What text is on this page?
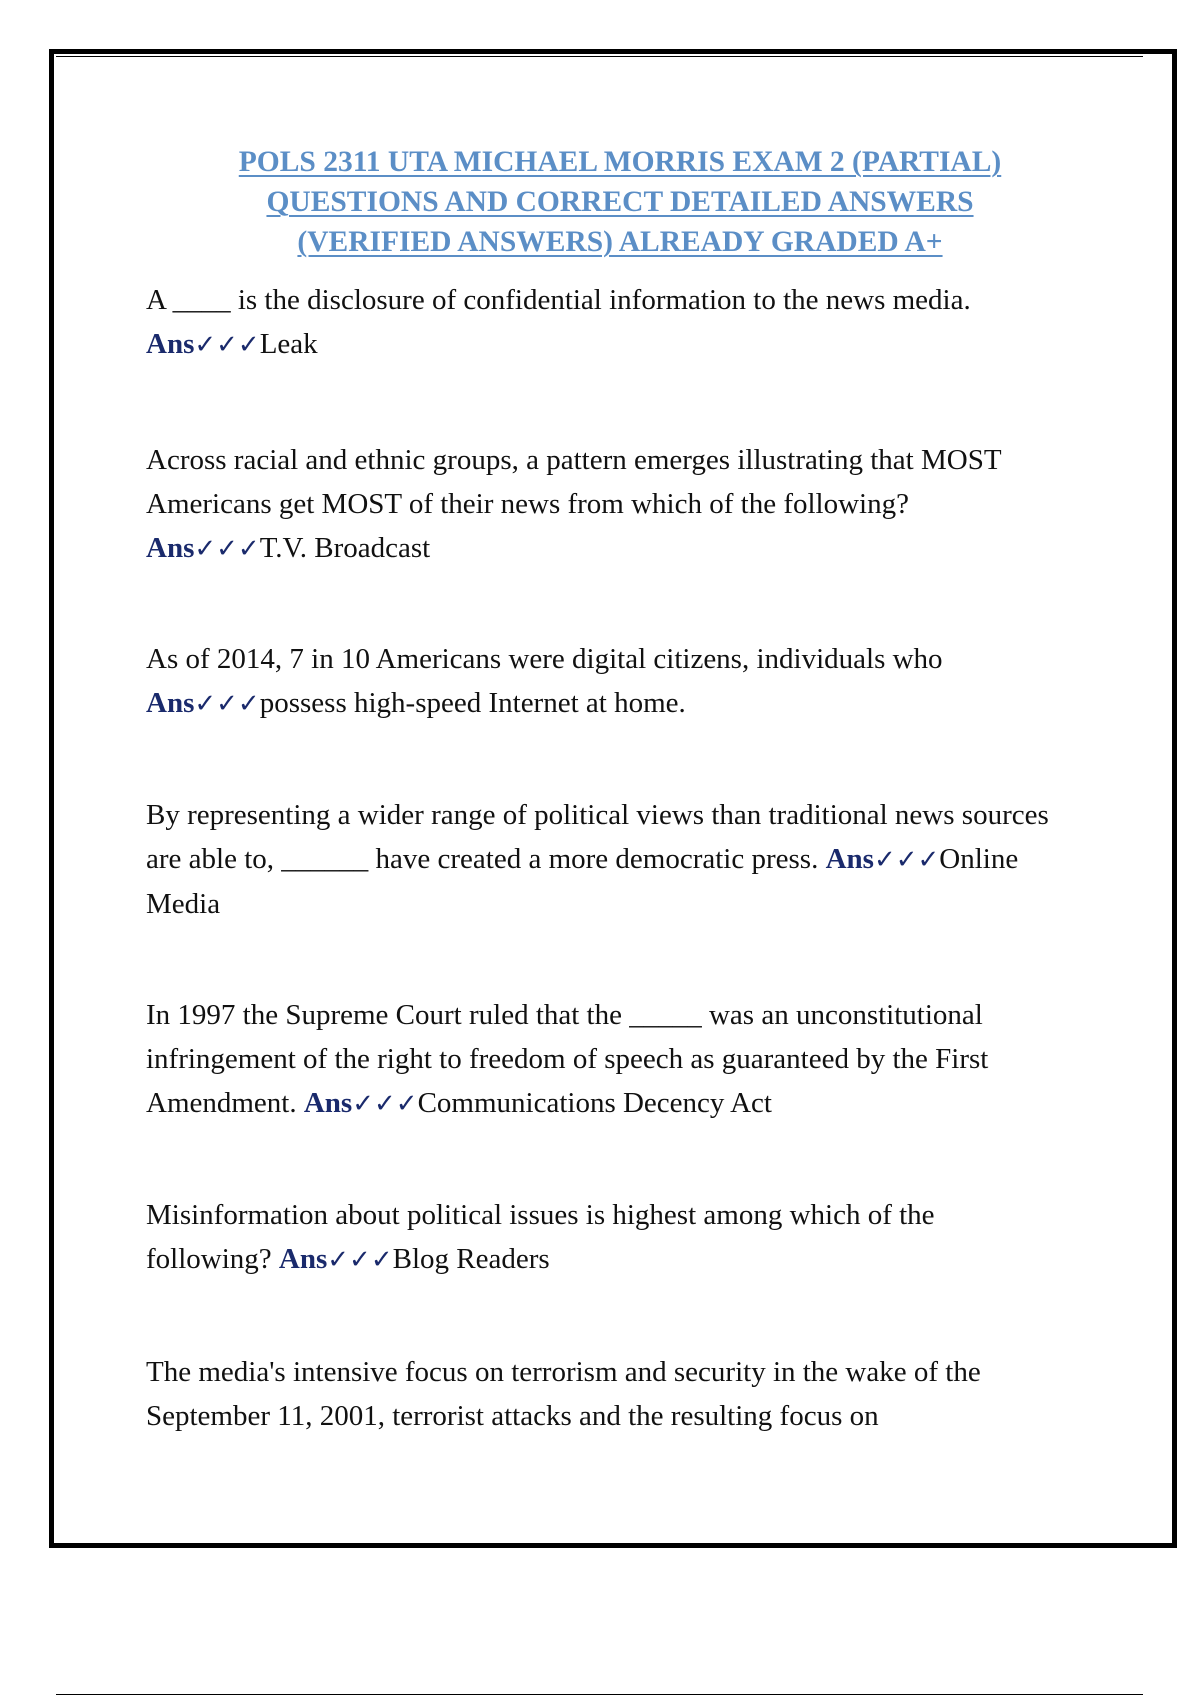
POLS 2311 UTA MICHAEL MORRIS EXAM 2 (PARTIAL)
QUESTIONS AND CORRECT DETAILED ANSWERS
(VERIFIED ANSWERS) ALREADY GRADED A+
A ____ is the disclosure of confidential information to the news media. Ans✓✓✓Leak
Across racial and ethnic groups, a pattern emerges illustrating that MOST Americans get MOST of their news from which of the following? Ans✓✓✓T.V. Broadcast
As of 2014, 7 in 10 Americans were digital citizens, individuals who Ans✓✓✓possess high-speed Internet at home.
By representing a wider range of political views than traditional news sources are able to, ______ have created a more democratic press. Ans✓✓✓Online Media
In 1997 the Supreme Court ruled that the _____ was an unconstitutional infringement of the right to freedom of speech as guaranteed by the First Amendment. Ans✓✓✓Communications Decency Act
Misinformation about political issues is highest among which of the following? Ans✓✓✓Blog Readers
The media's intensive focus on terrorism and security in the wake of the September 11, 2001, terrorist attacks and the resulting focus on
